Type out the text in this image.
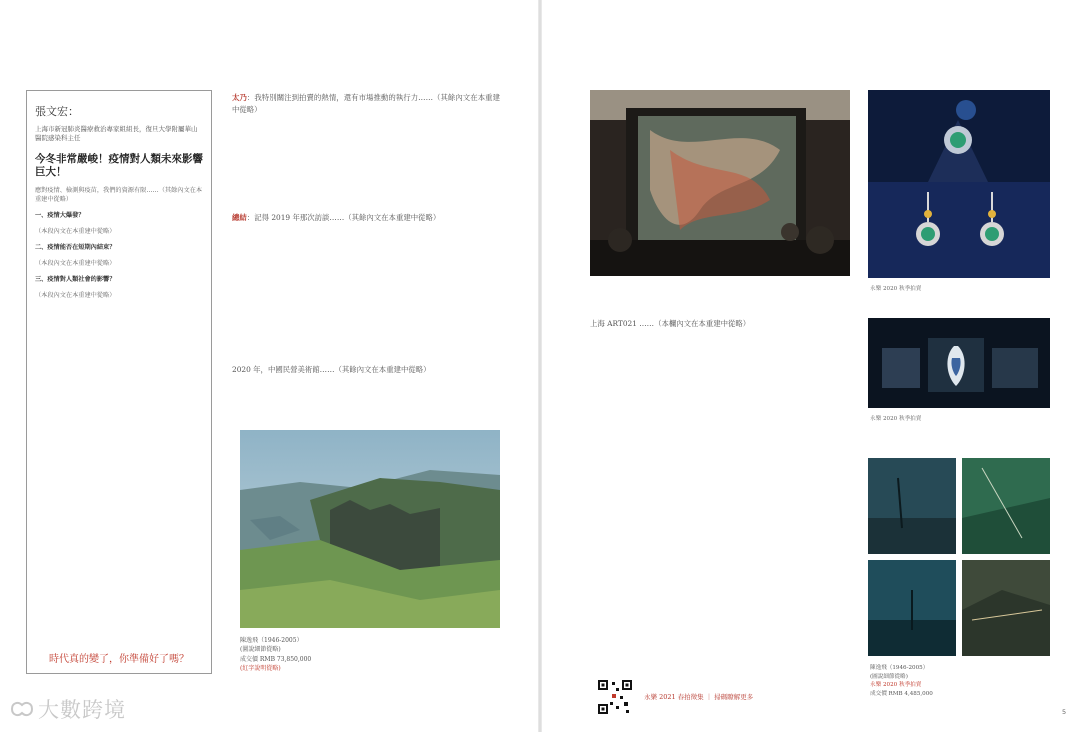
張文宏：
上海市新冠肺炎醫療救治專家組組長，復旦大學附屬華山醫院感染科主任
今冬非常嚴峻！疫情對人類未來影響巨大！
應對疫情、檢測與疫苗，我們的資源有限……（其餘內文在本重建中從略）
一、疫情大爆發？
（本段內文在本重建中從略）
二、疫情能否在短期內結束？
（本段內文在本重建中從略）
三、疫情對人類社會的影響？
（本段內文在本重建中從略）
時代真的變了，你準備好了嗎？

太乃：我特別關注到拍賣的熱情，還有市場推動的執行力……（其餘內文在本重建中從略）

總結：記得 2019 年那次訪談……（其餘內文在本重建中從略）

2020 年，中國民營美術館……（其餘內文在本重建中從略）

陳逸飛（1946-2005）
(圖說細節從略)
成交價 RMB 73,850,000
(紅字說明從略)
永樂 2020 秋季拍賣
永樂 2020 秋季拍賣

上海 ART021 ……（本欄內文在本重建中從略）

陳逸飛（1946-2005）
(圖說細節從略)
永樂 2020 秋季拍賣
成交價 RMB 4,485,000
永樂 2021 春拍徵集 ｜ 掃碼瞭解更多
5
大數跨境
